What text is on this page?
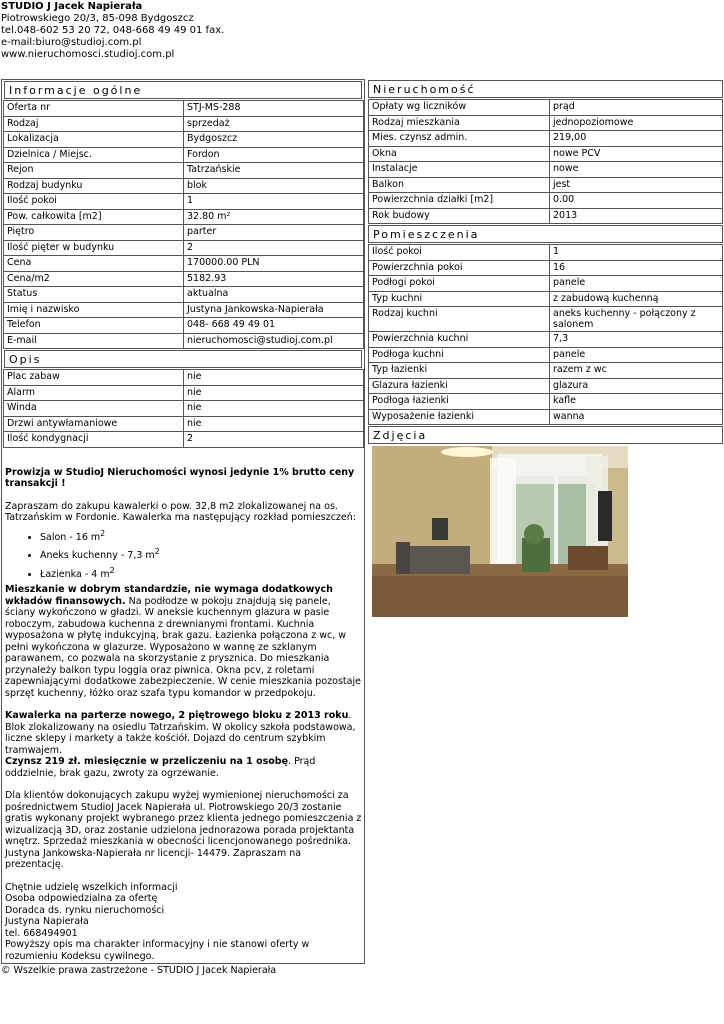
STUDIO J Jacek Napierała
Piotrowskiego 20/3, 85-098 Bydgoszcz
tel.048-602 53 20 72, 048-668 49 49 01 fax.
e-mail:biuro@studioj.com.pl
www.nieruchomosci.studioj.com.pl
Informacje ogólne
Oferta nr	STJ-MS-288
Rodzaj	sprzedaż
Lokalizacja	Bydgoszcz
Dzielnica / Miejsc.	Fordon
Rejon	Tatrzańskie
Rodzaj budynku	blok
Ilość pokoi	1
Pow. całkowita [m2]	32.80 m²
Piętro	parter
Ilość pięter w budynku	2
Cena	170000.00 PLN
Cena/m2	5182.93
Status	aktualna
Imię i nazwisko	Justyna Jankowska-Napierała
Telefon	048- 668 49 49 01
E-mail	nieruchomosci@studioj.com.pl
Opis
Plac zabaw	nie
Alarm	nie
Winda	nie
Drzwi antywłamaniowe	nie
Ilość kondygnacji	2

Prowizja w StudioJ Nieruchomości wynosi jedynie 1% brutto ceny transakcji !

Zapraszam do zakupu kawalerki o pow. 32,8 m2 zlokalizowanej na os. Tatrzańskim w Fordonie. Kawalerka ma następujący rozkład pomieszczeń:

• Salon - 16 $m^2$
• Aneks kuchenny - 7,3 $m^2$
• Łazienka - 4 $m^2$

Mieszkanie w dobrym standardzie, nie wymaga dodatkowych wkładów finansowych. Na podłodze w pokoju znajdują się panele, ściany wykończono w gładzi. W aneksie kuchennym glazura w pasie roboczym, zabudowa kuchenna z drewnianymi frontami. Kuchnia wyposażona w płytę indukcyjną, brak gazu. Łazienka połączona z wc, w pełni wykończona w glazurze. Wyposażono w wannę ze szklanym parawanem, co pozwala na skorzystanie z prysznica. Do mieszkania przynależy balkon typu loggia oraz piwnica. Okna pcv, z roletami zapewniającymi dodatkowe zabezpieczenie. W cenie mieszkania pozostaje sprzęt kuchenny, łóżko oraz szafa typu komandor w przedpokoju.

Kawalerka na parterze nowego, 2 piętrowego bloku z 2013 roku. Blok zlokalizowany na osiedlu Tatrzańskim. W okolicy szkoła podstawowa, liczne sklepy i markety a także kościół. Dojazd do centrum szybkim tramwajem.

Czynsz 219 zł. miesięcznie w przeliczeniu na 1 osobę. Prąd oddzielnie, brak gazu, zwroty za ogrzewanie.

Dla klientów dokonujących zakupu wyżej wymienionej nieruchomości za pośrednictwem StudioJ Jacek Napierała ul. Piotrowskiego 20/3 zostanie gratis wykonany projekt wybranego przez klienta jednego pomieszczenia z wizualizacją 3D, oraz zostanie udzielona jednorazowa porada projektanta wnętrz. Sprzedaż mieszkania w obecności licencjonowanego pośrednika. Justyna Jankowska-Napierała nr licencji- 14479. Zapraszam na prezentację.

Chętnie udzielę wszelkich informacji
Osoba odpowiedzialna za ofertę
Doradca ds. rynku nieruchomości
Justyna Napierała
tel. 668494901
Powyższy opis ma charakter informacyjny i nie stanowi oferty w rozumieniu Kodeksu cywilnego.
Nieruchomość
Opłaty wg liczników	prąd
Rodzaj mieszkania	jednopoziomowe
Mies. czynsz admin.	219,00
Okna	nowe PCV
Instalacje	nowe
Balkon	jest
Powierzchnia działki [m2]	0.00
Rok budowy	2013
Pomieszczenia
Ilość pokoi	1
Powierzchnia pokoi	16
Podłogi pokoi	panele
Typ kuchni	z zabudową kuchenną
Rodzaj kuchni	aneks kuchenny - połączony z salonem
Powierzchnia kuchni	7,3
Podłoga kuchni	panele
Typ łazienki	razem z wc
Glazura łazienki	glazura
Podłoga łazienki	kafle
Wyposażenie łazienki	wanna
Zdjęcia
© Wszelkie prawa zastrzeżone - STUDIO J Jacek Napierała
